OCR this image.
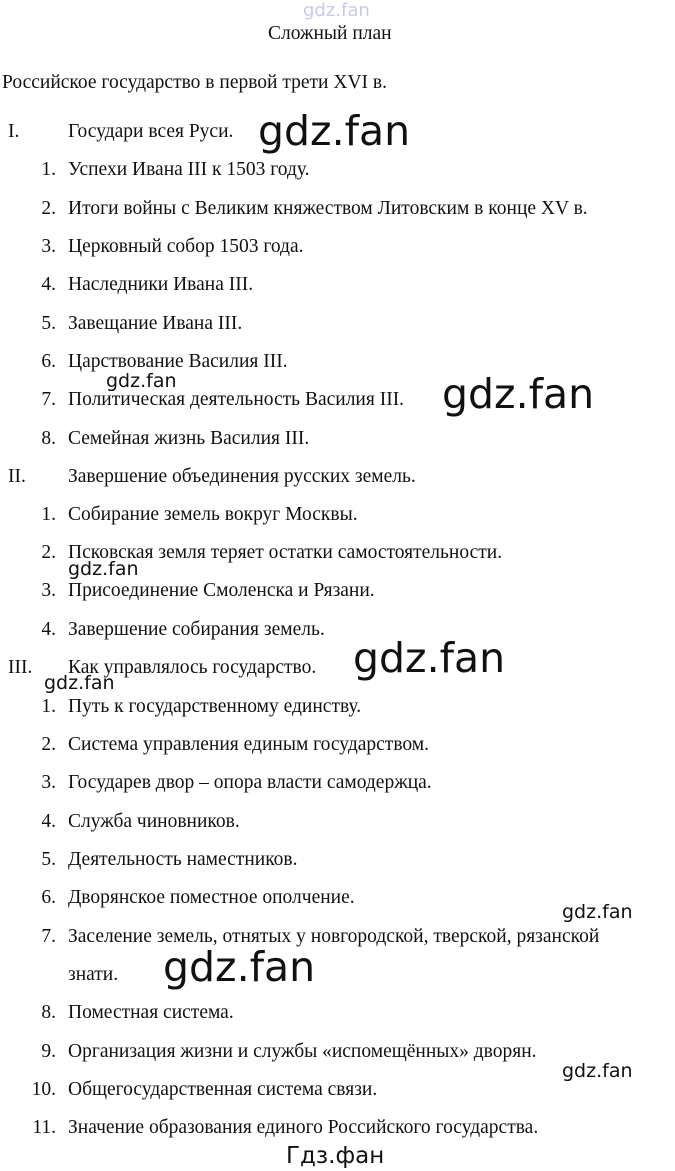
gdz.fan
Сложный план
Российское государство в первой трети XVI в.
I. Государи всея Руси.
1. Успехи Ивана III к 1503 году.
2. Итоги войны с Великим княжеством Литовским в конце XV в.
3. Церковный собор 1503 года.
4. Наследники Ивана III.
5. Завещание Ивана III.
6. Царствование Василия III.
7. Политическая деятельность Василия III.
8. Семейная жизнь Василия III.
II. Завершение объединения русских земель.
1. Собирание земель вокруг Москвы.
2. Псковская земля теряет остатки самостоятельности.
3. Присоединение Смоленска и Рязани.
4. Завершение собирания земель.
III. Как управлялось государство.
1. Путь к государственному единству.
2. Система управления единым государством.
3. Государев двор – опора власти самодержца.
4. Служба чиновников.
5. Деятельность наместников.
6. Дворянское поместное ополчение.
7. Заселение земель, отнятых у новгородской, тверской, рязанской
знати.
8. Поместная система.
9. Организация жизни и службы «испомещённых» дворян.
10. Общегосударственная система связи.
11. Значение образования единого Российского государства.
gdz.fan
gdz.fan	gdz.fan
gdz.fan
gdz.fan
gdz.fan
gdz.fan
gdz.fan
gdz.fan
Гдз.фан
